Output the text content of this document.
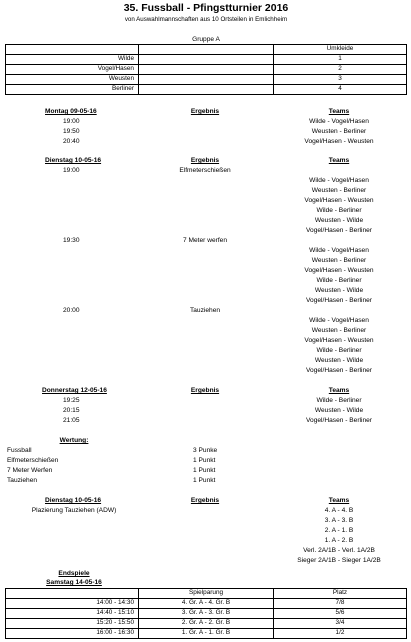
35. Fussball - Pfingstturnier 2016
von Auswahlmannschaften aus 10 Ortsteilen in Emlichheim
Gruppe A
		Umkleide
Wilde		1
Vogel/Hasen		2
Weusten		3
Berliner		4
Montag 09-05-16	Ergebnis	Teams
19:00	Wilde - Vogel/Hasen
19:50	Weusten - Berliner
20:40	Vogel/Hasen - Weusten
Dienstag 10-05-16	Ergebnis	Teams
19:00	Elfmeterschießen
Wilde - Vogel/Hasen
Weusten - Berliner
Vogel/Hasen - Weusten
Wilde - Berliner
Weusten - Wilde
Vogel/Hasen - Berliner
19:30	7 Meter werfen
Wilde - Vogel/Hasen
Weusten - Berliner
Vogel/Hasen - Weusten
Wilde - Berliner
Weusten - Wilde
Vogel/Hasen - Berliner
20:00	Tauziehen
Wilde - Vogel/Hasen
Weusten - Berliner
Vogel/Hasen - Weusten
Wilde - Berliner
Weusten - Wilde
Vogel/Hasen - Berliner
Donnerstag 12-05-16	Ergebnis	Teams
19:25	Wilde - Berliner
20:15	Weusten - Wilde
21:05	Vogel/Hasen - Berliner
Wertung:
Fussball	3 Punke
Elfmeterschießen	1 Punkt
7 Meter Werfen	1 Punkt
Tauziehen	1 Punkt
Dienstag 10-05-16	Ergebnis	Teams
Plazierung Tauziehen (ADW)	4. A - 4. B
3. A - 3. B
2. A - 1. B
1. A - 2. B
Verl. 2A/1B - Verl. 1A/2B
Sieger 2A/1B - Sieger 1A/2B
Endspiele
Samstag 14-05-16
	Spielparung	Platz
14:00 - 14:30	4. Gr. A - 4. Gr. B	7/8
14:40 - 15:10	3. Gr. A - 3. Gr. B	5/6
15:20 - 15:50	2. Gr. A - 2. Gr. B	3/4
16:00 - 16:30	1. Gr. A - 1. Gr. B	1/2
